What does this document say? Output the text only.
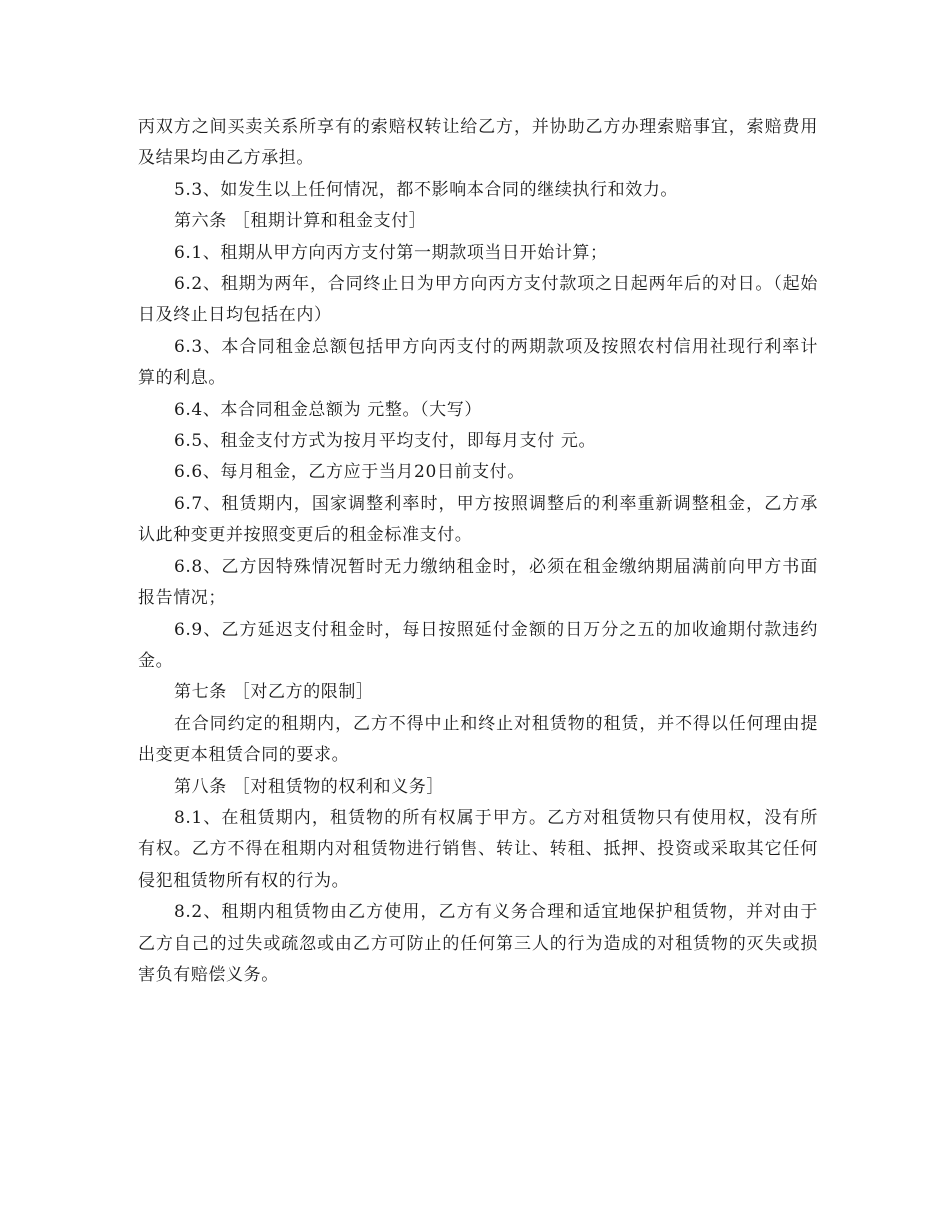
丙双方之间买卖关系所享有的索赔权转让给乙方，并协助乙方办理索赔事宜，索赔费用及结果均由乙方承担。

5.3、如发生以上任何情况，都不影响本合同的继续执行和效力。

第六条 ［租期计算和租金支付］

6.1、租期从甲方向丙方支付第一期款项当日开始计算；

6.2、租期为两年，合同终止日为甲方向丙方支付款项之日起两年后的对日。（起始日及终止日均包括在内）

6.3、本合同租金总额包括甲方向丙支付的两期款项及按照农村信用社现行利率计算的利息。

6.4、本合同租金总额为 元整。（大写）

6.5、租金支付方式为按月平均支付，即每月支付 元。

6.6、每月租金，乙方应于当月20日前支付。

6.7、租赁期内，国家调整利率时，甲方按照调整后的利率重新调整租金，乙方承认此种变更并按照变更后的租金标准支付。

6.8、乙方因特殊情况暂时无力缴纳租金时，必须在租金缴纳期届满前向甲方书面报告情况；

6.9、乙方延迟支付租金时，每日按照延付金额的日万分之五的加收逾期付款违约金。

第七条 ［对乙方的限制］

在合同约定的租期内，乙方不得中止和终止对租赁物的租赁，并不得以任何理由提出变更本租赁合同的要求。

第八条 ［对租赁物的权利和义务］

8.1、在租赁期内，租赁物的所有权属于甲方。乙方对租赁物只有使用权，没有所有权。乙方不得在租期内对租赁物进行销售、转让、转租、抵押、投资或采取其它任何侵犯租赁物所有权的行为。

8.2、租期内租赁物由乙方使用，乙方有义务合理和适宜地保护租赁物，并对由于乙方自己的过失或疏忽或由乙方可防止的任何第三人的行为造成的对租赁物的灭失或损害负有赔偿义务。
